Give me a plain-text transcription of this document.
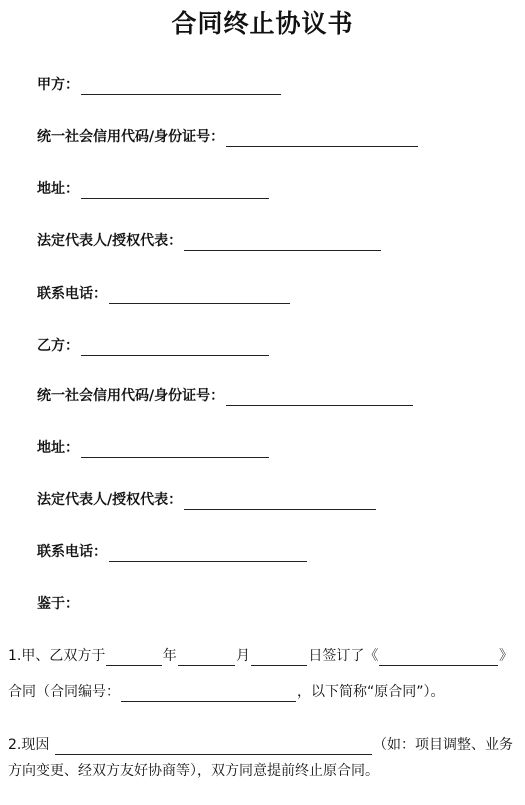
合同终止协议书
甲方：
统一社会信用代码/身份证号：
地址：
法定代表人/授权代表：
联系电话：
乙方：
统一社会信用代码/身份证号：
地址：
法定代表人/授权代表：
联系电话：
鉴于：
1.甲、乙双方于	年	月	日签订了《	》
合同（合同编号：	，以下简称“原合同”）。
2.现因	（如：项目调整、业务
方向变更、经双方友好协商等），双方同意提前终止原合同。
